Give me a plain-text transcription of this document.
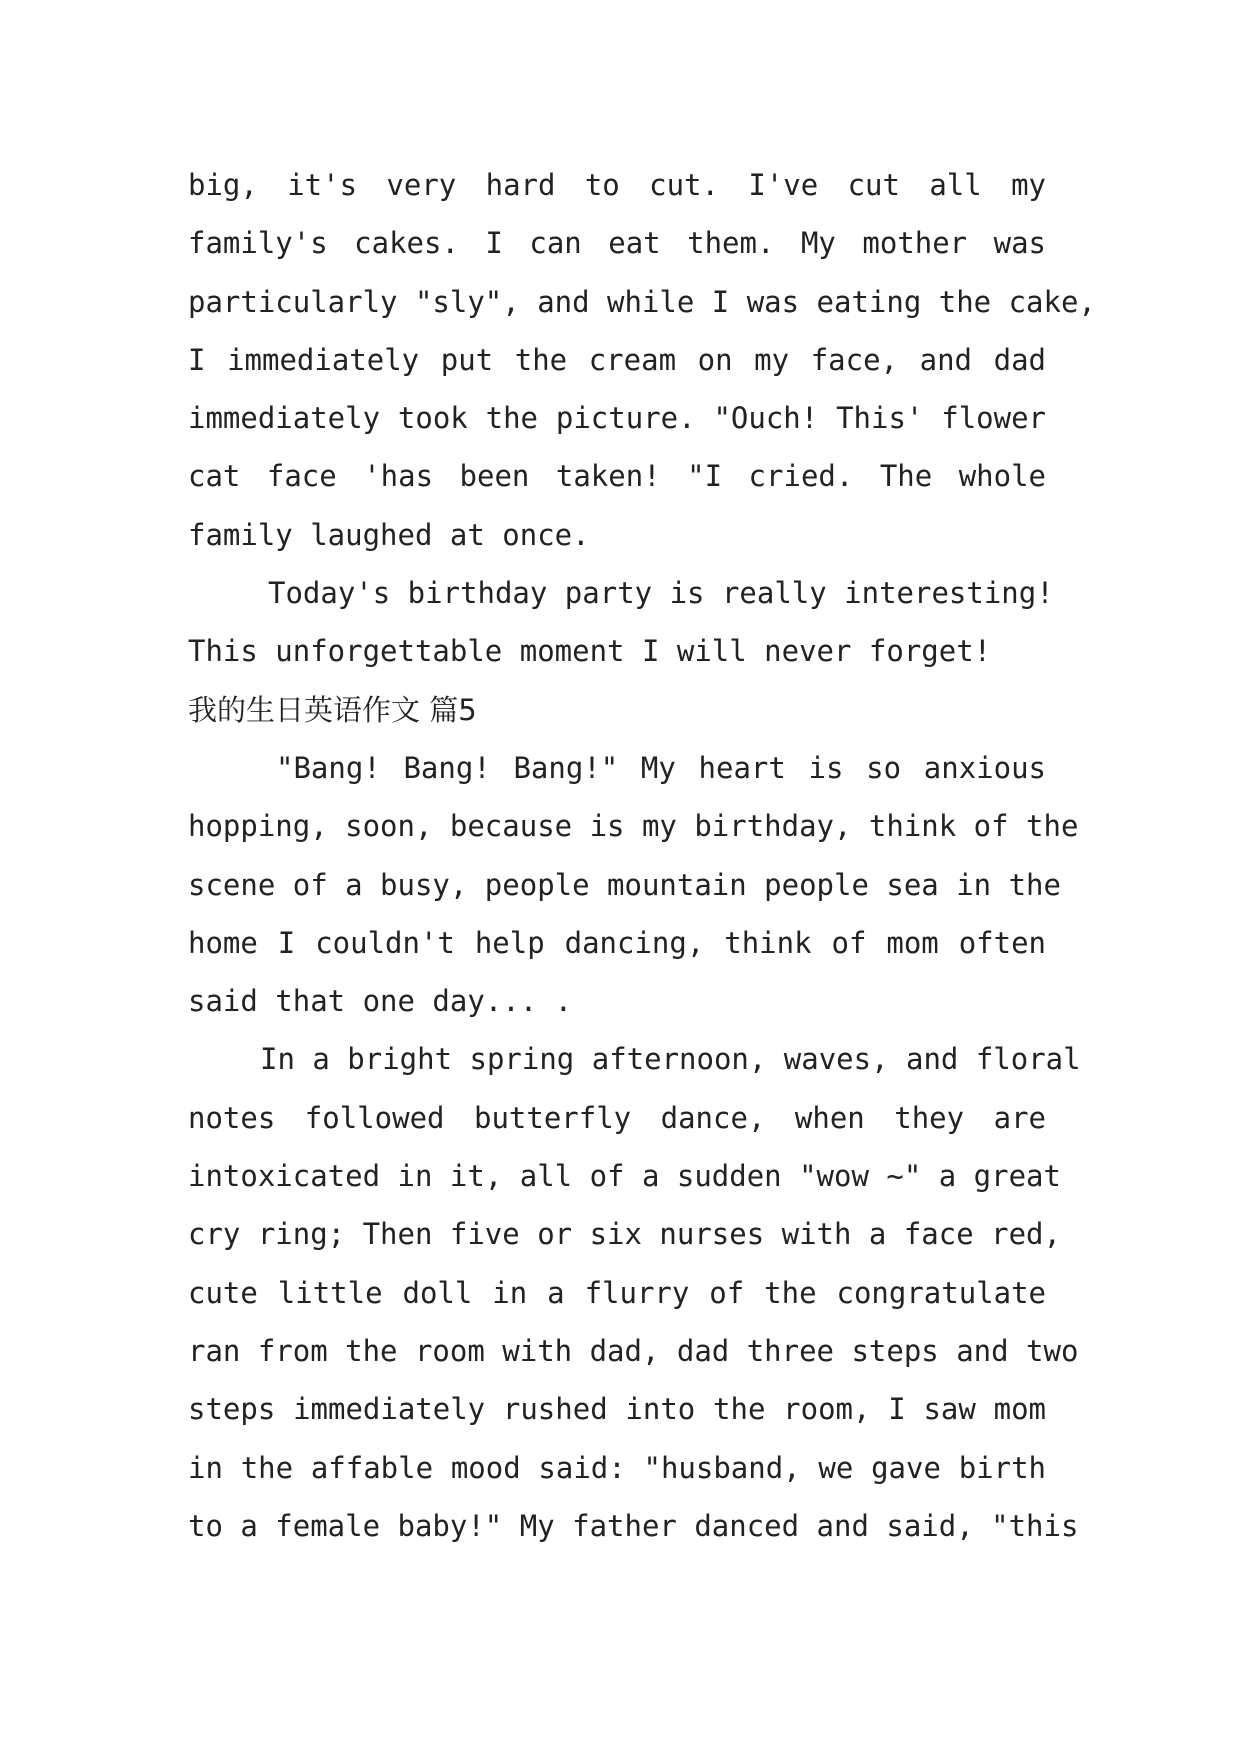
big, it's very hard to cut. I've cut all my
family's cakes. I can eat them. My mother was
particularly "sly", and while I was eating the cake,
I immediately put the cream on my face, and dad
immediately took the picture. "Ouch! This' flower
cat face 'has been taken! "I cried. The whole
family laughed at once.
Today's birthday party is really interesting!
This unforgettable moment I will never forget!
我的生日英语作文 篇5
"Bang! Bang! Bang!" My heart is so anxious
hopping, soon, because is my birthday, think of the
scene of a busy, people mountain people sea in the
home I couldn't help dancing, think of mom often
said that one day... .
In a bright spring afternoon, waves, and floral
notes followed butterfly dance, when they are
intoxicated in it, all of a sudden "wow ~" a great
cry ring; Then five or six nurses with a face red,
cute little doll in a flurry of the congratulate
ran from the room with dad, dad three steps and two
steps immediately rushed into the room, I saw mom
in the affable mood said: "husband, we gave birth
to a female baby!" My father danced and said, "this
